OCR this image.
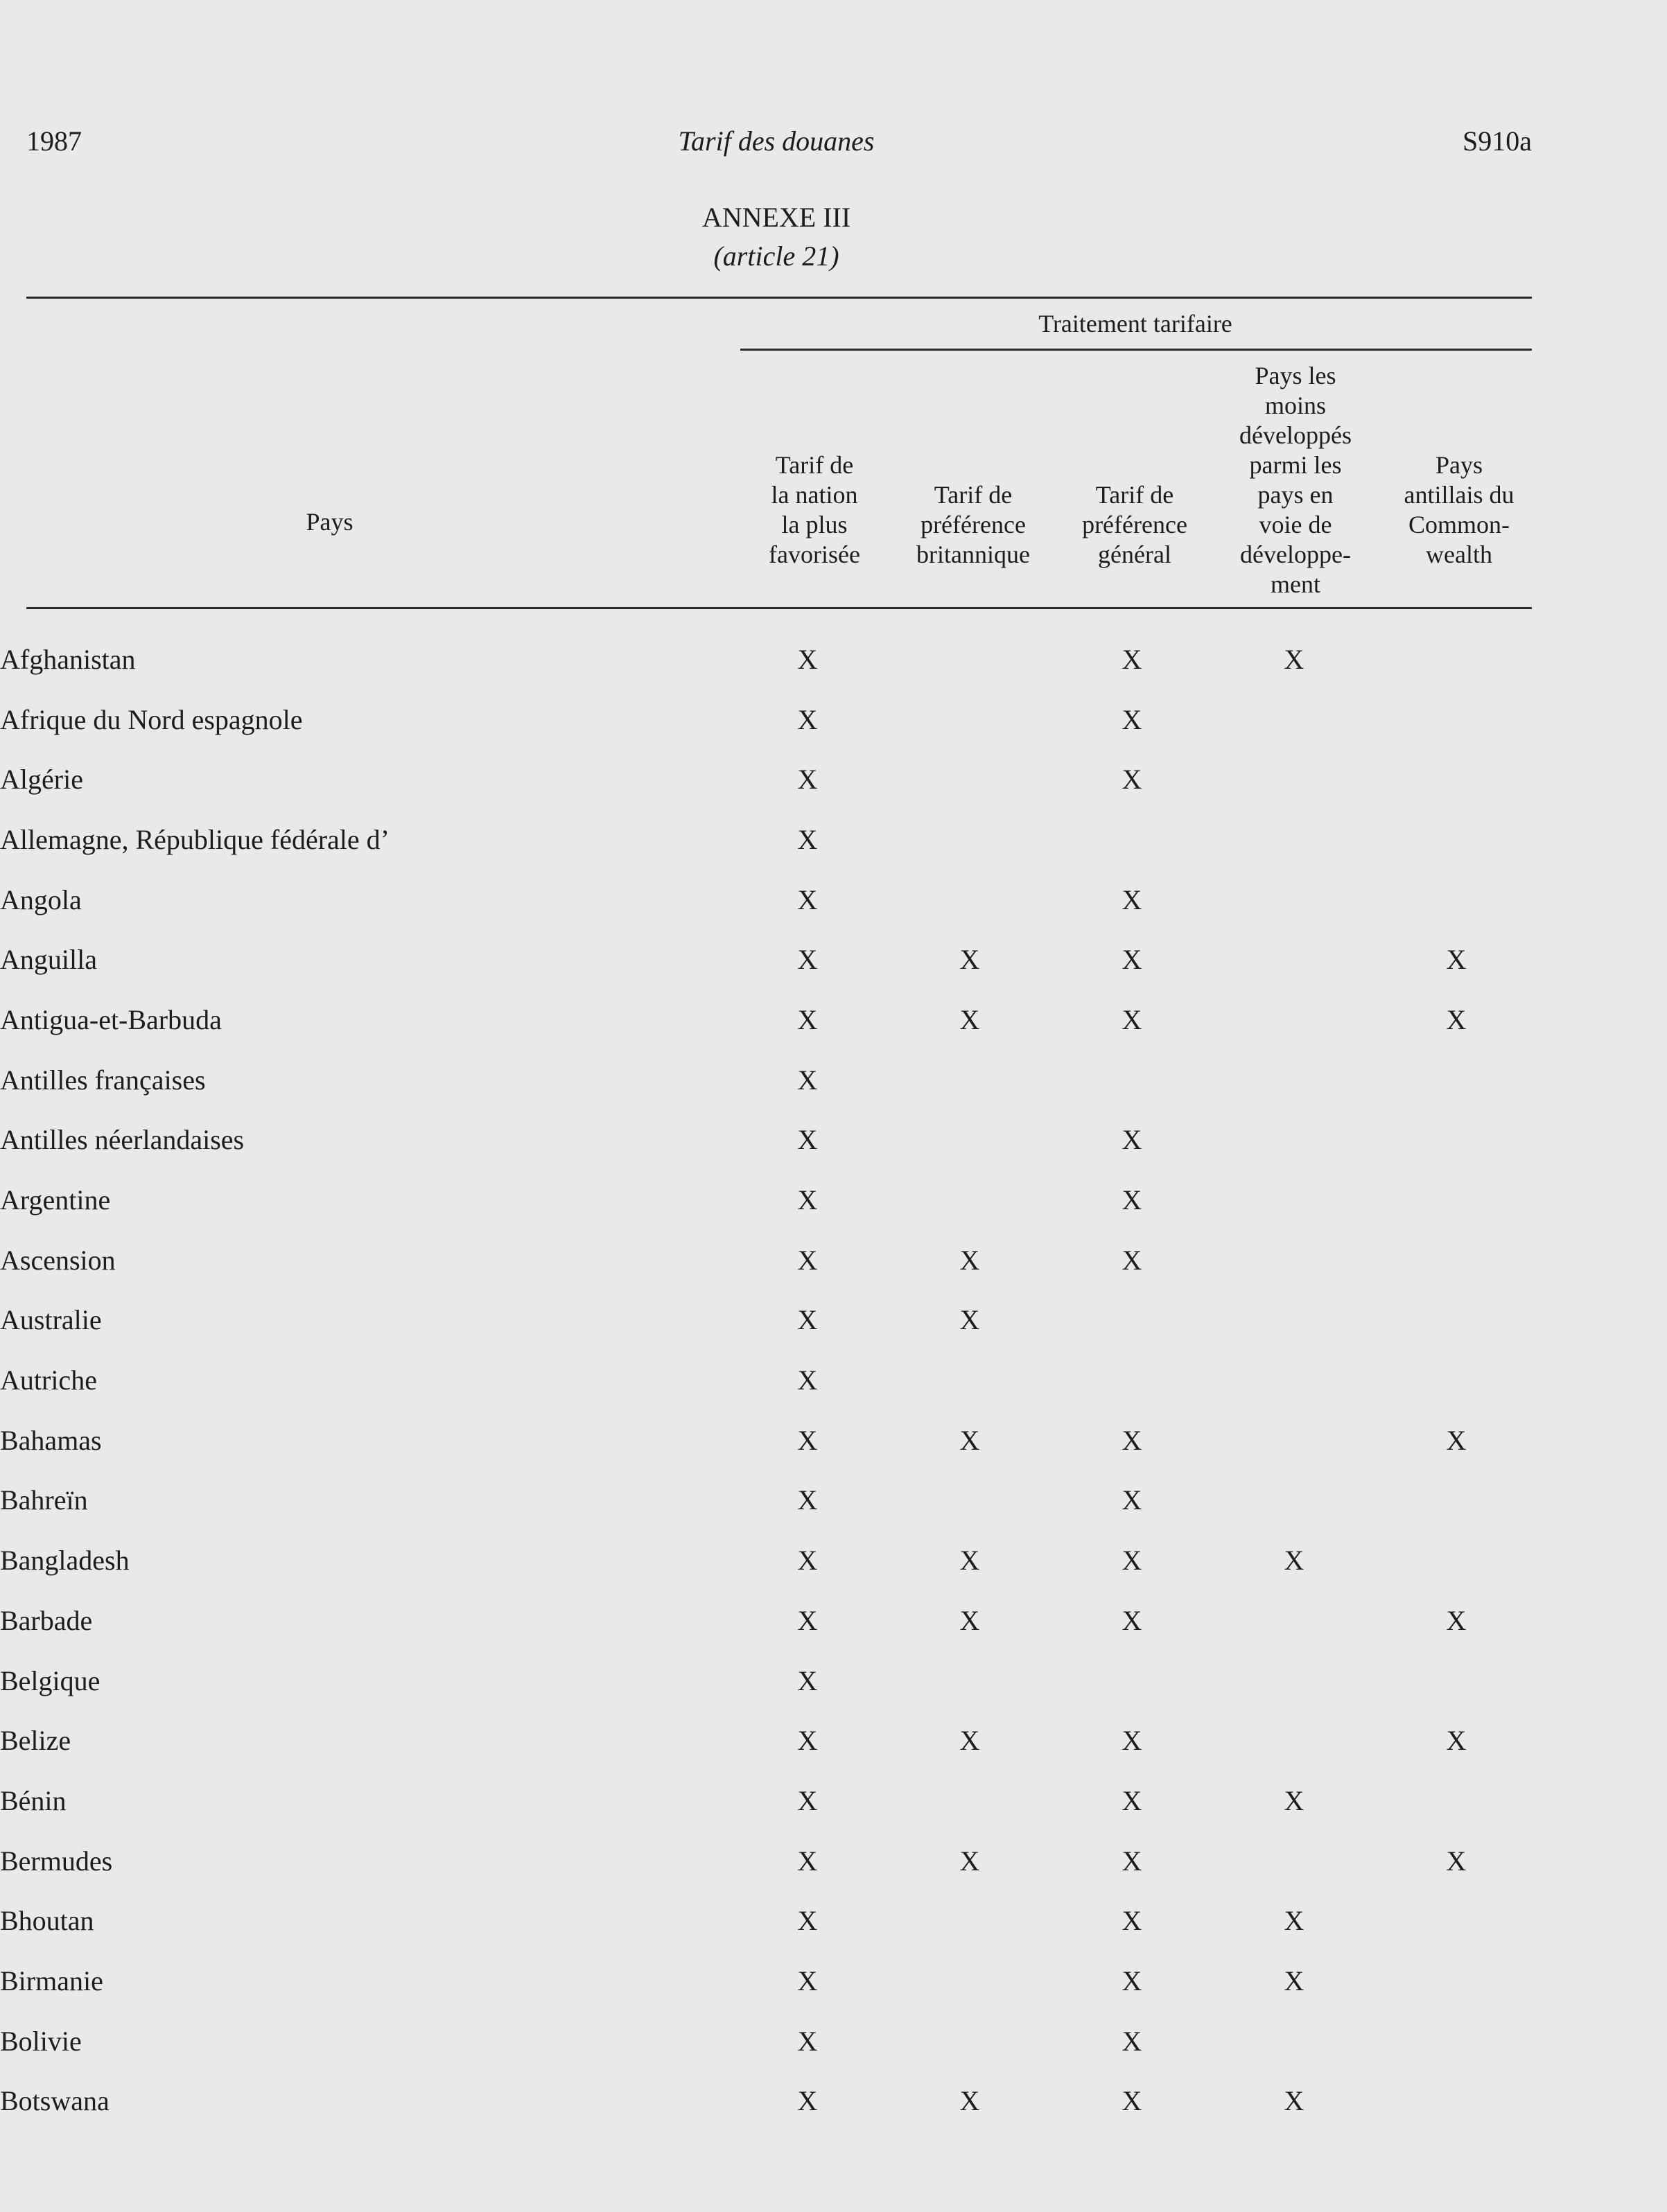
1987	Tarif des douanes	S910a
ANNEXE III
(article 21)
Traitement tarifaire
Pays
Tarif de
la nation
la plus
favorisée
Tarif de
préférence
britannique
Tarif de
préférence
général
Pays les
moins
développés
parmi les
pays en
voie de
développe-
ment
Pays
antillais du
Common-
wealth
Afghanistan	X		X	X	
Afrique du Nord espagnole	X		X		
Algérie	X		X		
Allemagne, République fédérale d’	X				
Angola	X		X		
Anguilla	X	X	X		X
Antigua-et-Barbuda	X	X	X		X
Antilles françaises	X				
Antilles néerlandaises	X		X		
Argentine	X		X		
Ascension	X	X	X		
Australie	X	X			
Autriche	X				
Bahamas	X	X	X		X
Bahreïn	X		X		
Bangladesh	X	X	X	X	
Barbade	X	X	X		X
Belgique	X				
Belize	X	X	X		X
Bénin	X		X	X	
Bermudes	X	X	X		X
Bhoutan	X		X	X	
Birmanie	X		X	X	
Bolivie	X		X		
Botswana	X	X	X	X	
